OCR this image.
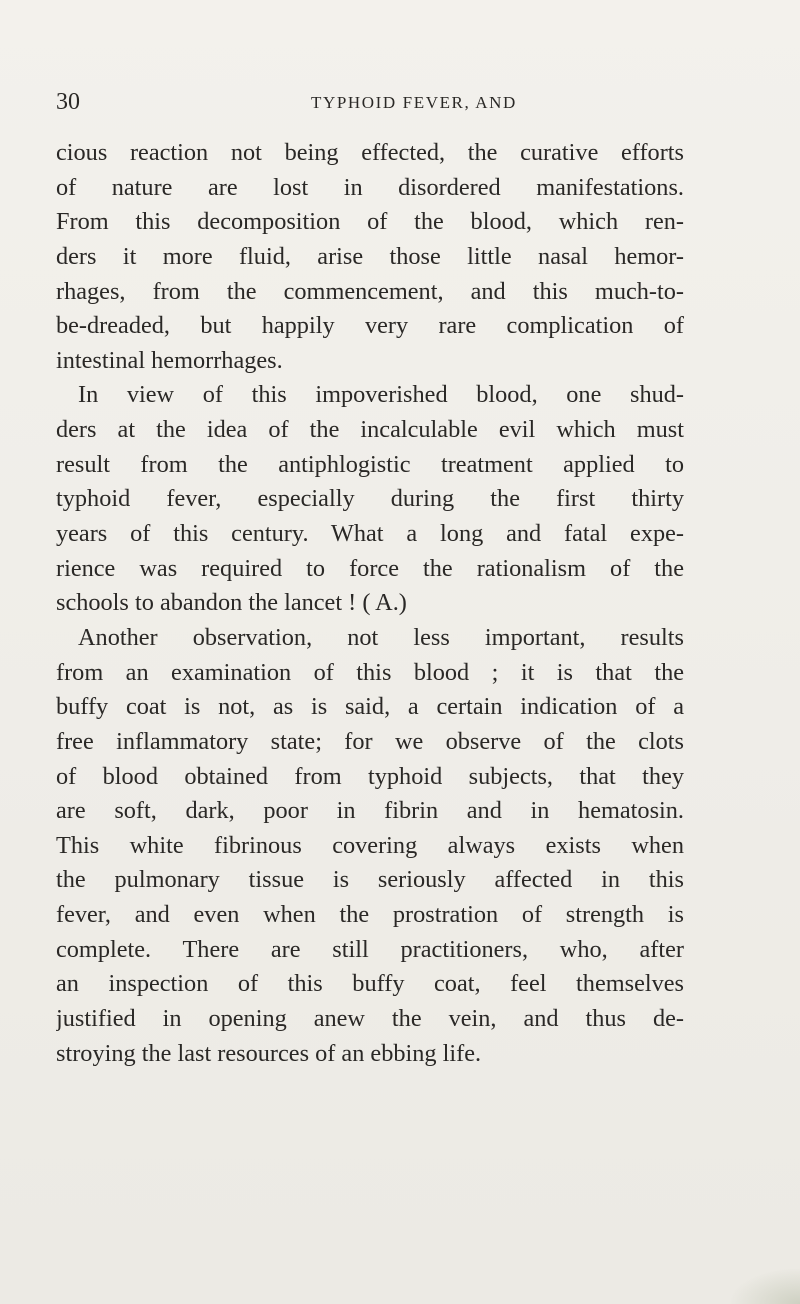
30	TYPHOID FEVER, AND
cious reaction not being effected, the curative efforts
of nature are lost in disordered manifestations.
From this decomposition of the blood, which ren-
ders it more fluid, arise those little nasal hemor-
rhages, from the commencement, and this much-to-
be-dreaded, but happily very rare complication of
intestinal hemorrhages.
In view of this impoverished blood, one shud-
ders at the idea of the incalculable evil which must
result from the antiphlogistic treatment applied to
typhoid fever, especially during the first thirty
years of this century. What a long and fatal expe-
rience was required to force the rationalism of the
schools to abandon the lancet ! ( A.)
Another observation, not less important, results
from an examination of this blood ; it is that the
buffy coat is not, as is said, a certain indication of a
free inflammatory state; for we observe of the clots
of blood obtained from typhoid subjects, that they
are soft, dark, poor in fibrin and in hematosin.
This white fibrinous covering always exists when
the pulmonary tissue is seriously affected in this
fever, and even when the prostration of strength is
complete. There are still practitioners, who, after
an inspection of this buffy coat, feel themselves
justified in opening anew the vein, and thus de-
stroying the last resources of an ebbing life.
